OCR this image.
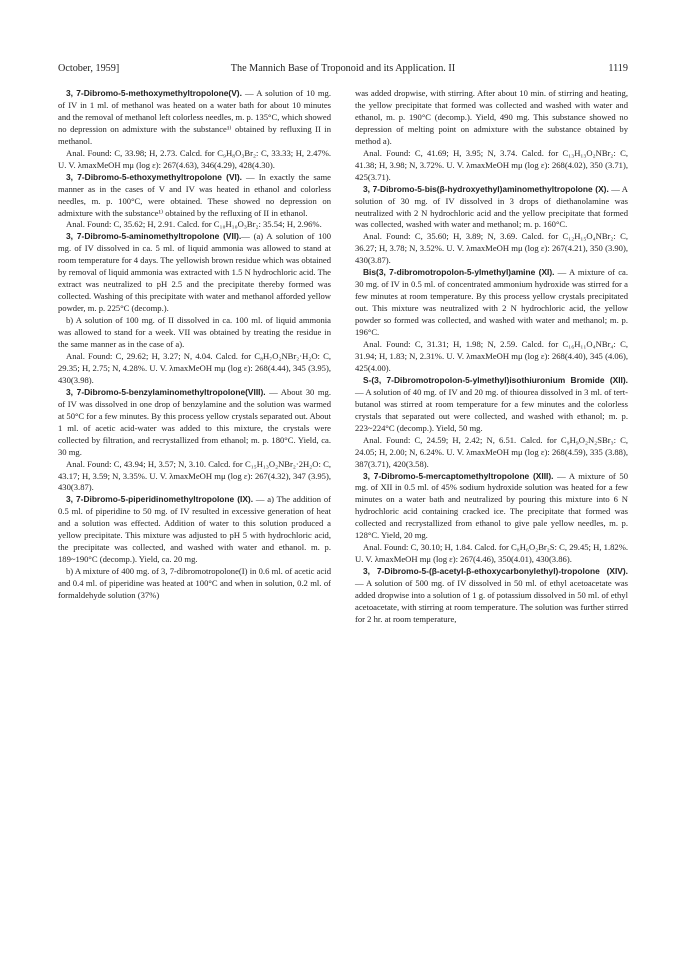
October, 1959]	The Mannich Base of Troponoid and its Application. II	1119

3, 7-Dibromo-5-methoxymethyltropolone(V). — A solution of 10 mg. of IV in 1 ml. of methanol was heated on a water bath for about 10 minutes and the removal of methanol left colorless needles, m. p. 135°C, which showed no depression on admixture with the substance¹⁾ obtained by refluxing II in methanol.

Anal. Found: C, 33.98; H, 2.73. Calcd. for C₉H₈O₃Br₂: C, 33.33; H, 2.47%. U. V. λmaxMeOH mμ (log ε): 267(4.63), 346(4.29), 428(4.30).

3, 7-Dibromo-5-ethoxymethyltropolone (VI). — In exactly the same manner as in the cases of V and IV was heated in ethanol and colorless needles, m. p. 100°C, were obtained. These showed no depression on admixture with the substance¹⁾ obtained by the refluxing of II in ethanol.

Anal. Found: C, 35.62; H, 2.91. Calcd. for C₁₀H₁₀O₃Br₂: 35.54; H, 2.96%.

3, 7-Dibromo-5-aminomethyltropolone (VII).— (a) A solution of 100 mg. of IV dissolved in ca. 5 ml. of liquid ammonia was allowed to stand at room temperature for 4 days. The yellowish brown residue which was obtained by removal of liquid ammonia was extracted with 1.5 N hydrochloric acid. The extract was neutralized to pH 2.5 and the precipitate thereby formed was collected. Washing of this precipitate with water and methanol afforded yellow powder, m. p. 225°C (decomp.).

b) A solution of 100 mg. of II dissolved in ca. 100 ml. of liquid ammonia was allowed to stand for a week. VII was obtained by treating the residue in the same manner as in the case of a).

Anal. Found: C, 29.62; H, 3.27; N, 4.04. Calcd. for C₈H₇O₂NBr₂·H₂O: C, 29.35; H, 2.75; N, 4.28%. U. V. λmaxMeOH mμ (log ε): 268(4.44), 345 (3.95), 430(3.98).

3, 7-Dibromo-5-benzylaminomethyltropolone(VIII). — About 30 mg. of IV was dissolved in one drop of benzylamine and the solution was warmed at 50°C for a few minutes. By this process yellow crystals separated out. About 1 ml. of acetic acid-water was added to this mixture, the crystals were collected by filtration, and recrystallized from ethanol; m. p. 180°C. Yield, ca. 30 mg.

Anal. Found: C, 43.94; H, 3.57; N, 3.10. Calcd. for C₁₅H₁₃O₂NBr₂·2H₂O: C, 43.17; H, 3.59; N, 3.35%. U. V. λmaxMeOH mμ (log ε): 267(4.32), 347 (3.95), 430(3.87).

3, 7-Dibromo-5-piperidinomethyltropolone (IX). — a) The addition of 0.5 ml. of piperidine to 50 mg. of IV resulted in excessive generation of heat and a solution was effected. Addition of water to this solution produced a yellow precipitate. This mixture was adjusted to pH 5 with hydrochloric acid, the precipitate was collected, and washed with water and ethanol. m. p. 189~190°C (decomp.). Yield, ca. 20 mg.

b) A mixture of 400 mg. of 3, 7-dibromotropolone(I) in 0.6 ml. of acetic acid and 0.4 ml. of piperidine was heated at 100°C and when in solution, 0.2 ml. of formaldehyde solution (37%)

was added dropwise, with stirring. After about 10 min. of stirring and heating, the yellow precipitate that formed was collected and washed with water and ethanol, m. p. 190°C (decomp.). Yield, 490 mg. This substance showed no depression of melting point on admixture with the substance obtained by method a).

Anal. Found: C, 41.69; H, 3.95; N, 3.74. Calcd. for C₁₃H₁₃O₂NBr₂: C, 41.38; H, 3.98; N, 3.72%. U. V. λmaxMeOH mμ (log ε): 268(4.02), 350 (3.71), 425(3.71).

3, 7-Dibromo-5-bis(β-hydroxyethyl)aminomethyltropolone (X). — A solution of 30 mg. of IV dissolved in 3 drops of diethanolamine was neutralized with 2 N hydrochloric acid and the yellow precipitate that formed was collected, washed with water and methanol; m. p. 160°C.

Anal. Found: C, 35.60; H, 3.89; N, 3.69. Calcd. for C₁₂H₁₅O₄NBr₂: C, 36.27; H, 3.78; N, 3.52%. U. V. λmaxMeOH mμ (log ε): 267(4.21), 350 (3.90), 430(3.87).

Bis(3, 7-dibromotropolon-5-ylmethyl)amine (XI). — A mixture of ca. 30 mg. of IV in 0.5 ml. of concentrated ammonium hydroxide was stirred for a few minutes at room temperature. By this process yellow crystals precipitated out. This mixture was neutralized with 2 N hydrochloric acid, the yellow powder so formed was collected, and washed with water and methanol; m. p. 196°C.

Anal. Found: C, 31.31; H, 1.98; N, 2.59. Calcd. for C₁₆H₁₁O₄NBr₄: C, 31.94; H, 1.83; N, 2.31%. U. V. λmaxMeOH mμ (log ε): 268(4.40), 345 (4.06), 425(4.00).

S-(3, 7-Dibromotropolon-5-ylmethyl)isothiuronium Bromide (XII). — A solution of 40 mg. of IV and 20 mg. of thiourea dissolved in 3 ml. of tert-butanol was stirred at room temperature for a few minutes and the colorless crystals that separated out were collected, and washed with ethanol; m. p. 223~224°C (decomp.). Yield, 50 mg.

Anal. Found: C, 24.59; H, 2.42; N, 6.51. Calcd. for C₉H₉O₂N₂SBr₃: C, 24.05; H, 2.00; N, 6.24%. U. V. λmaxMeOH mμ (log ε): 268(4.59), 335 (3.88), 387(3.71), 420(3.58).

3, 7-Dibromo-5-mercaptomethyltropolone (XIII). — A mixture of 50 mg. of XII in 0.5 ml. of 45% sodium hydroxide solution was heated for a few minutes on a water bath and neutralized by pouring this mixture into 6 N hydrochloric acid containing cracked ice. The precipitate that formed was collected and recrystallized from ethanol to give pale yellow needles, m. p. 128°C. Yield, 20 mg.

Anal. Found: C, 30.10; H, 1.84. Calcd. for C₈H₆O₂Br₂S: C, 29.45; H, 1.82%. U. V. λmaxMeOH mμ (log ε): 267(4.46), 350(4.01), 430(3.86).

3, 7-Dibromo-5-(β-acetyl-β-ethoxycarbonylethyl)-tropolone (XIV). — A solution of 500 mg. of IV dissolved in 50 ml. of ethyl acetoacetate was added dropwise into a solution of 1 g. of potassium dissolved in 50 ml. of ethyl acetoacetate, with stirring at room temperature. The solution was further stirred for 2 hr. at room temperature,
